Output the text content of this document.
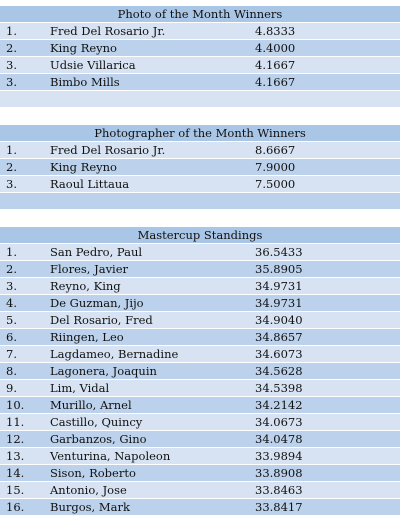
Photo of the Month Winners
1.	Fred Del Rosario Jr.	4.8333
2.	King Reyno	4.4000
3.	Udsie Villarica	4.1667
3.	Bimbo Mills	4.1667
Photographer of the Month Winners
1.	Fred Del Rosario Jr.	8.6667
2.	King Reyno	7.9000
3.	Raoul Littaua	7.5000
Mastercup Standings
1.	San Pedro, Paul	36.5433
2.	Flores, Javier	35.8905
3.	Reyno, King	34.9731
4.	De Guzman, Jijo	34.9731
5.	Del Rosario, Fred	34.9040
6.	Riingen, Leo	34.8657
7.	Lagdameo, Bernadine	34.6073
8.	Lagonera, Joaquin	34.5628
9.	Lim, Vidal	34.5398
10. Murillo, Arnel	34.2142
11. Castillo, Quincy	34.0673
12. Garbanzos, Gino	34.0478
13. Venturina, Napoleon	33.9894
14. Sison, Roberto	33.8908
15. Antonio, Jose	33.8463
16. Burgos, Mark	33.8417
